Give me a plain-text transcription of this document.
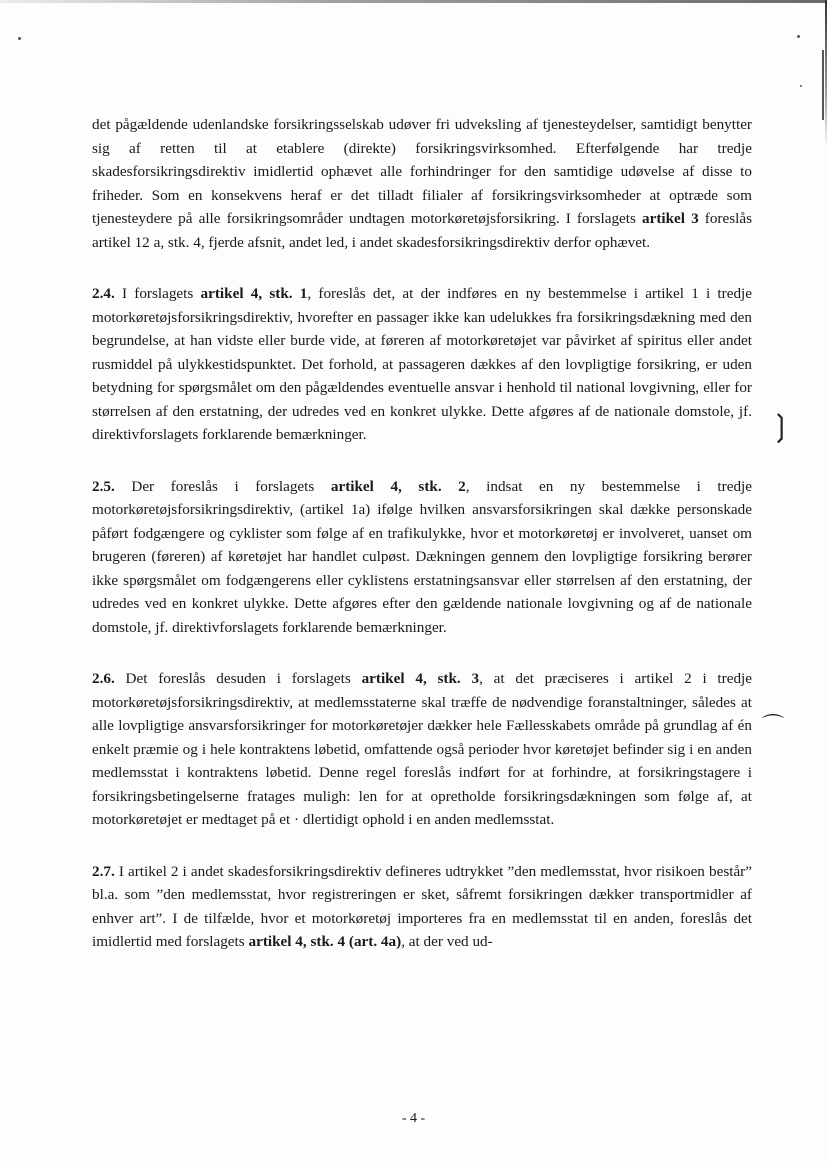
❳
⌒

det pågældende udenlandske forsikringsselskab udøver fri udveksling af tjenesteydelser, samtidigt benytter sig af retten til at etablere (direkte) forsikringsvirksomhed. Efterfølgende har tredje skadesforsikringsdirektiv imidlertid ophævet alle forhindringer for den samtidige udøvelse af disse to friheder. Som en konsekvens heraf er det tilladt filialer af forsikringsvirksomheder at optræde som tjenesteydere på alle forsikringsområder undtagen motorkøretøjsforsikring. I forslagets artikel 3 foreslås artikel 12 a, stk. 4, fjerde afsnit, andet led, i andet skadesforsikringsdirektiv derfor ophævet.

2.4. I forslagets artikel 4, stk. 1, foreslås det, at der indføres en ny bestemmelse i artikel 1 i tredje motorkøretøjsforsikringsdirektiv, hvorefter en passager ikke kan udelukkes fra forsikringsdækning med den begrundelse, at han vidste eller burde vide, at føreren af motorkøretøjet var påvirket af spiritus eller andet rusmiddel på ulykkestidspunktet. Det forhold, at passageren dækkes af den lovpligtige forsikring, er uden betydning for spørgsmålet om den pågældendes eventuelle ansvar i henhold til national lovgivning, eller for størrelsen af den erstatning, der udredes ved en konkret ulykke. Dette afgøres af de nationale domstole, jf. direktivforslagets forklarende bemærkninger.

2.5. Der foreslås i forslagets artikel 4, stk. 2, indsat en ny bestemmelse i tredje motorkøretøjsforsikringsdirektiv, (artikel 1a) ifølge hvilken ansvarsforsikringen skal dække personskade påført fodgængere og cyklister som følge af en trafikulykke, hvor et motorkøretøj er involveret, uanset om brugeren (føreren) af køretøjet har handlet culpøst. Dækningen gennem den lovpligtige forsikring berører ikke spørgsmålet om fodgængerens eller cyklistens erstatningsansvar eller størrelsen af den erstatning, der udredes ved en konkret ulykke. Dette afgøres efter den gældende nationale lovgivning og af de nationale domstole, jf. direktivforslagets forklarende bemærkninger.

2.6. Det foreslås desuden i forslagets artikel 4, stk. 3, at det præciseres i artikel 2 i tredje motorkøretøjsforsikringsdirektiv, at medlemsstaterne skal træffe de nødvendige foranstaltninger, således at alle lovpligtige ansvarsforsikringer for motorkøretøjer dækker hele Fællesskabets område på grundlag af én enkelt præmie og i hele kontraktens løbetid, omfattende også perioder hvor køretøjet befinder sig i en anden medlemsstat i kontraktens løbetid. Denne regel foreslås indført for at forhindre, at forsikringstagere i forsikringsbetingelserne fratages muligh: len for at opretholde forsikringsdækningen som følge af, at motorkøretøjet er medtaget på et · dlertidigt ophold i en anden medlemsstat.

2.7. I artikel 2 i andet skadesforsikringsdirektiv defineres udtrykket ”den medlemsstat, hvor risikoen består” bl.a. som ”den medlemsstat, hvor registreringen er sket, såfremt forsikringen dækker transportmidler af enhver art”. I de tilfælde, hvor et motorkøretøj importeres fra en medlemsstat til en anden, foreslås det imidlertid med forslagets artikel 4, stk. 4 (art. 4a), at der ved ud-

- 4 -
